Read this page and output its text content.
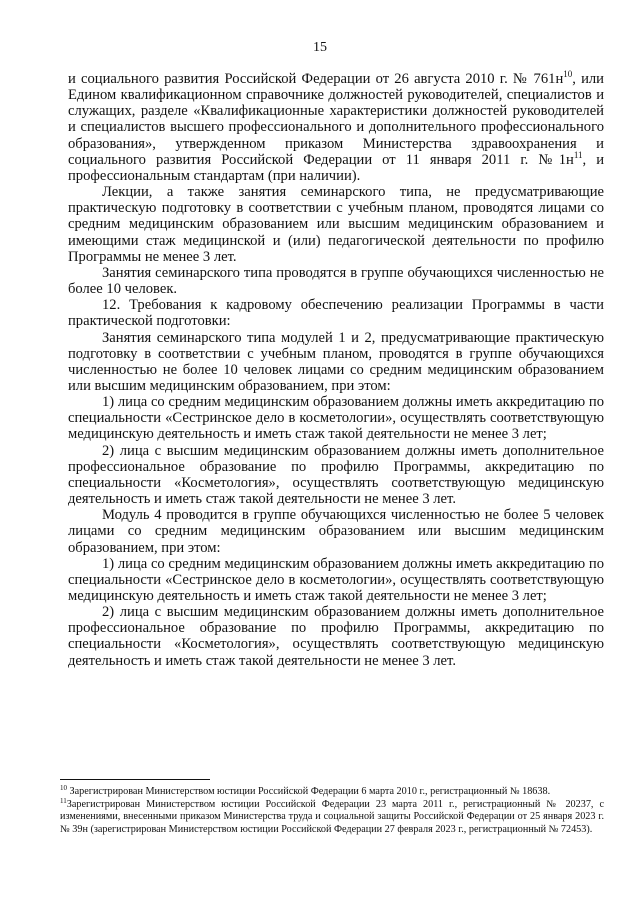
15

и социального развития Российской Федерации от 26 августа 2010 г. № $761н^{10}$, или Едином квалификационном справочнике должностей руководителей, специалистов и служащих, разделе «Квалификационные характеристики должностей руководителей и специалистов высшего профессионального и дополнительного профессионального образования», утвержденном приказом Министерства здравоохранения и социального развития Российской Федерации от 11 января 2011 г. $№1н^{11}$, и профессиональным стандартам (при наличии).

Лекции, а также занятия семинарского типа, не предусматривающие практическую подготовку в соответствии с учебным планом, проводятся лицами со средним медицинским образованием или высшим медицинским образованием и имеющими стаж медицинской и (или) педагогической деятельности по профилю Программы не менее 3 лет.

Занятия семинарского типа проводятся в группе обучающихся численностью не более 10 человек.

12. Требования к кадровому обеспечению реализации Программы в части практической подготовки:

Занятия семинарского типа модулей 1 и 2, предусматривающие практическую подготовку в соответствии с учебным планом, проводятся в группе обучающихся численностью не более 10 человек лицами со средним медицинским образованием или высшим медицинским образованием, при этом:

1) лица со средним медицинским образованием должны иметь аккредитацию по специальности «Сестринское дело в косметологии», осуществлять соответствующую медицинскую деятельность и иметь стаж такой деятельности не менее 3 лет;

2) лица с высшим медицинским образованием должны иметь дополнительное профессиональное образование по профилю Программы, аккредитацию по специальности «Косметология», осуществлять соответствующую медицинскую деятельность и иметь стаж такой деятельности не менее 3 лет.

Модуль 4 проводится в группе обучающихся численностью не более 5 человек лицами со средним медицинским образованием или высшим медицинским образованием, при этом:

1) лица со средним медицинским образованием должны иметь аккредитацию по специальности «Сестринское дело в косметологии», осуществлять соответствующую медицинскую деятельность и иметь стаж такой деятельности не менее 3 лет;

2) лица с высшим медицинским образованием должны иметь дополнительное профессиональное образование по профилю Программы, аккредитацию по специальности «Косметология», осуществлять соответствующую медицинскую деятельность и иметь стаж такой деятельности не менее 3 лет.

$^{10}$ Зарегистрирован Министерством юстиции Российской Федерации 6 марта 2010 г., регистрационный № 18638.

$^{11}$Зарегистрирован Министерством юстиции Российской Федерации 23 марта 2011 г., регистрационный № 20237, с изменениями, внесенными приказом Министерства труда и социальной защиты Российской Федерации от 25 января 2023 г. № 39н (зарегистрирован Министерством юстиции Российской Федерации 27 февраля 2023 г., регистрационный № 72453).
